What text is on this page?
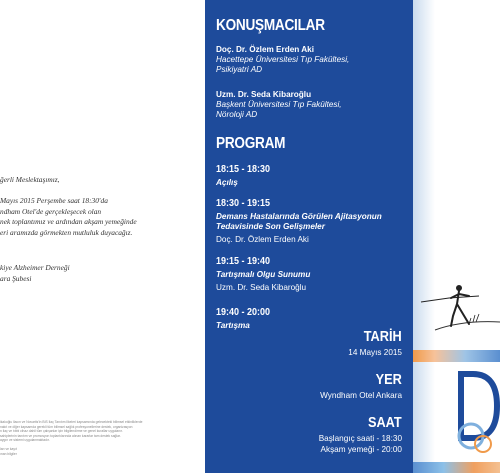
ğerli Meslektaşımız,

Mayıs 2015 Perşembe saat 18:30'da
ndham Otel'de gerçekleşecek olan
nek toplantımız ve ardından akşam yemeğinde
eri aramızda görmekten mutluluk duyacağız.
kiye Alzheimer Derneği
ara Şubesi
ikakoğlu İlacın ve Novartis'in BİS Ilaç Tanıtım İlkeleri kapsamında gelecekteki bilimsel etkinliklerde
nakıt ve diğer kapsamda gerekli tüm bilimsel sağlık profesyonellerine destek, organizasyon
n ilaç ve tıbbi cihaz dahil tüm çalışanlar için bilgilendirme ve genel kurallar uygulanır.
sahiplerinin tanıtım ve promosyon toplantılarında alınan kararlar tam destek sağlar.
aygın ve sistemi uygulanmaktadır.

ları ve kayıt
ınan bilgiler
KONUŞMACILAR
Doç. Dr. Özlem Erden Aki
Hacettepe Üniversitesi Tıp Fakültesi,
Psikiyatri AD
Uzm. Dr. Seda Kibaroğlu
Başkent Üniversitesi Tıp Fakültesi,
Nöroloji AD
PROGRAM
18:15 - 18:30
Açılış
18:30 - 19:15
Demans Hastalarında Görülen Ajitasyonun
Tedavisinde Son Gelişmeler
Doç. Dr. Özlem Erden Aki
19:15 - 19:40
Tartışmalı Olgu Sunumu
Uzm. Dr. Seda Kibaroğlu
19:40 - 20:00
Tartışma
TARİH
14 Mayıs 2015
YER
Wyndham Otel Ankara
SAAT
Başlangıç saati - 18:30
Akşam yemeği - 20:00
